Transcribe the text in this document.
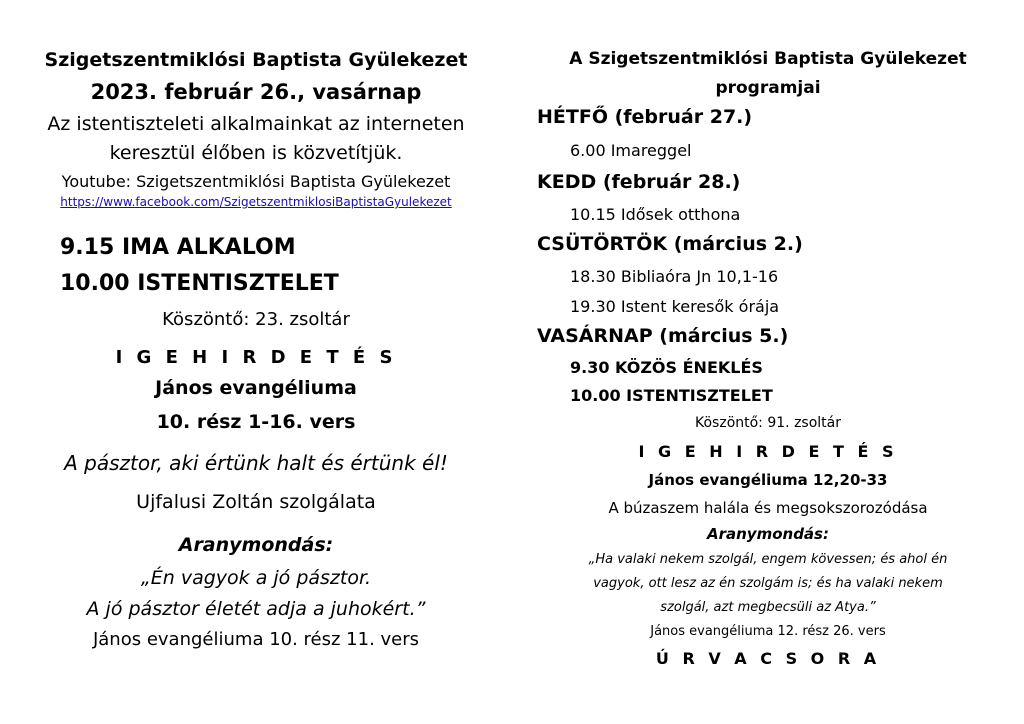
Szigetszentmiklósi Baptista Gyülekezet
2023. február 26., vasárnap
Az istentiszteleti alkalmainkat az interneten
keresztül élőben is közvetítjük.
Youtube: Szigetszentmiklósi Baptista Gyülekezet
https://www.facebook.com/SzigetszentmiklosiBaptistaGyulekezet
9.15 IMA ALKALOM
10.00 ISTENTISZTELET
Köszöntő: 23. zsoltár
I G E H I R D E T É S
János evangéliuma
10. rész 1-16. vers
A pásztor, aki értünk halt és értünk él!
Ujfalusi Zoltán szolgálata
Aranymondás:
„Én vagyok a jó pásztor.
A jó pásztor életét adja a juhokért.”
János evangéliuma 10. rész 11. vers
A Szigetszentmiklósi Baptista Gyülekezet
programjai
HÉTFŐ (február 27.)
6.00 Imareggel
KEDD (február 28.)
10.15 Idősek otthona
CSÜTÖRTÖK (március 2.)
18.30 Bibliaóra Jn 10,1-16
19.30 Istent keresők órája
VASÁRNAP (március 5.)
9.30 KÖZÖS ÉNEKLÉS
10.00 ISTENTISZTELET
Köszöntő: 91. zsoltár
I G E H I R D E T É S
János evangéliuma 12,20-33
A búzaszem halála és megsokszorozódása
Aranymondás:
„Ha valaki nekem szolgál, engem kövessen; és ahol én
vagyok, ott lesz az én szolgám is; és ha valaki nekem
szolgál, azt megbecsüli az Atya.”
János evangéliuma 12. rész 26. vers
Ú R V A C S O R A
